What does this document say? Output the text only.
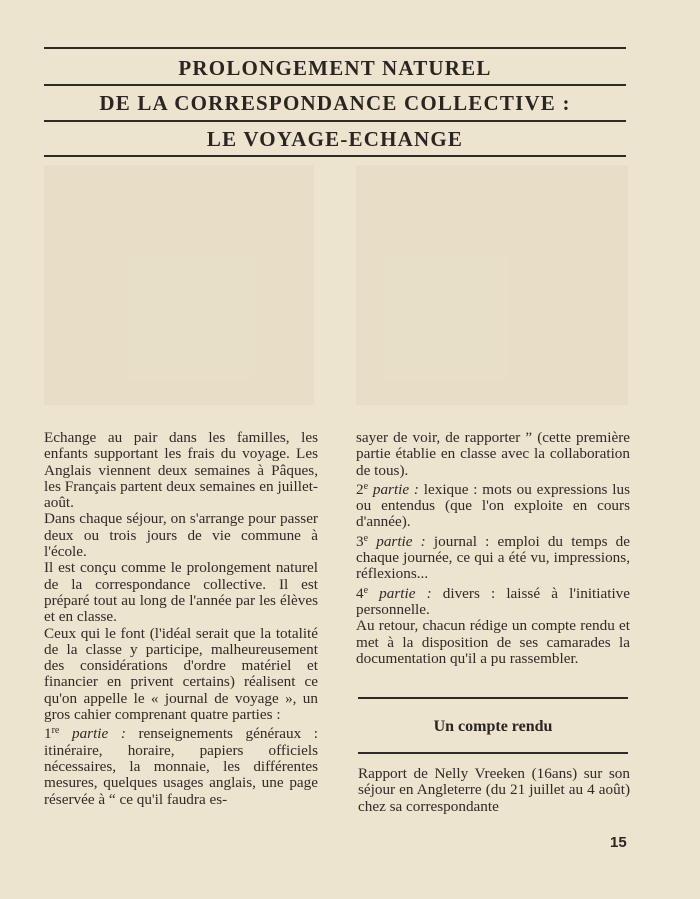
PROLONGEMENT NATUREL
DE LA CORRESPONDANCE COLLECTIVE :
LE VOYAGE-ECHANGE

Echange au pair dans les familles, les enfants supportant les frais du voyage. Les Anglais viennent deux semaines à Pâques, les Français partent deux semaines en juillet-août.

Dans chaque séjour, on s'arrange pour passer deux ou trois jours de vie commune à l'école.

Il est conçu comme le prolongement naturel de la correspondance collective. Il est préparé tout au long de l'année par les élèves et en classe.

Ceux qui le font (l'idéal serait que la totalité de la classe y participe, malheureusement des considérations d'ordre matériel et financier en privent certains) réalisent ce qu'on appelle le « journal de voyage », un gros cahier comprenant quatre parties :

1re partie : renseignements généraux : itinéraire, horaire, papiers officiels nécessaires, la monnaie, les différentes mesures, quelques usages anglais, une page réservée à “ ce qu'il faudra es-

sayer de voir, de rapporter ” (cette première partie établie en classe avec la collaboration de tous).

2e partie : lexique : mots ou expressions lus ou entendus (que l'on exploite en cours d'année).

3e partie : journal : emploi du temps de chaque journée, ce qui a été vu, impressions, réflexions...

4e partie : divers : laissé à l'initiative personnelle.

Au retour, chacun rédige un compte rendu et met à la disposition de ses camarades la documentation qu'il a pu rassembler.

Un compte rendu
Rapport de Nelly Vreeken (16ans) sur son séjour en Angleterre (du 21 juillet au 4 août) chez sa correspondante
15
